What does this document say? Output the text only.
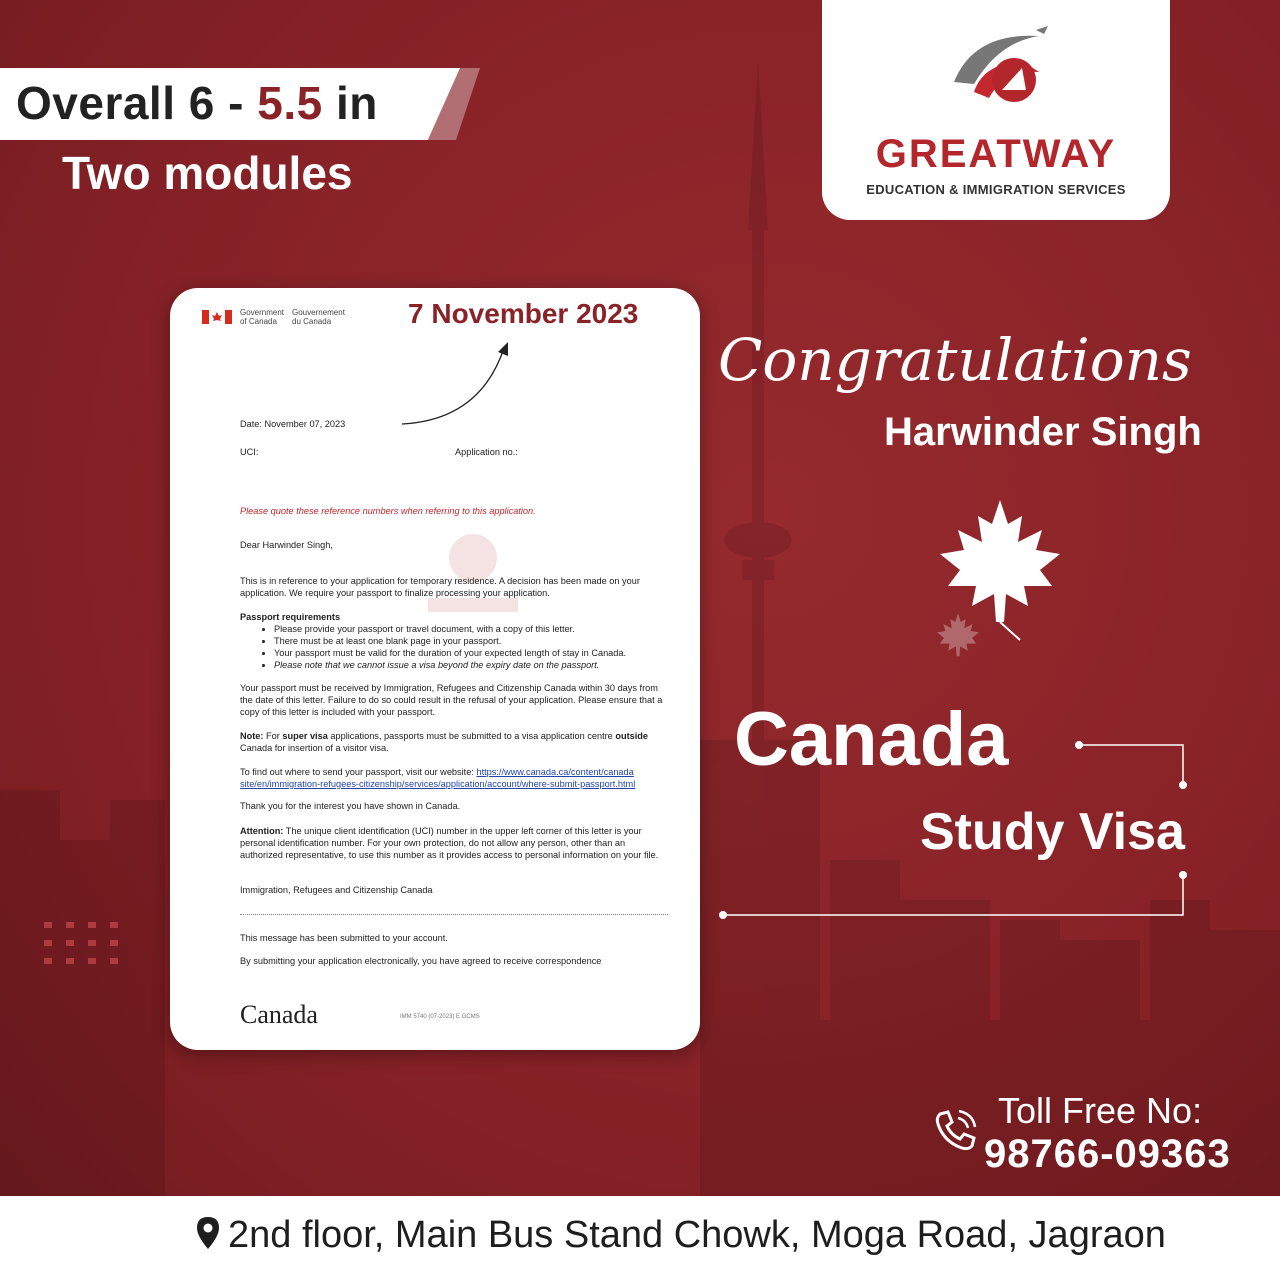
Overall 6 - 5.5 in
Two modules	GREATWAY
EDUCATION & IMMIGRATION SERVICES
Government
of Canada
Gouvernement
du Canada	7 November 2023
Date: November 07, 2023
UCI:	Application no.:
Please quote these reference numbers when referring to this application.
Dear Harwinder Singh,
This is in reference to your application for temporary residence. A decision has been made on your application. We require your passport to finalize processing your application.
Passport requirements
• Please provide your passport or travel document, with a copy of this letter.
• There must be at least one blank page in your passport.
• Your passport must be valid for the duration of your expected length of stay in Canada.
• Please note that we cannot issue a visa beyond the expiry date on the passport.
Your passport must be received by Immigration, Refugees and Citizenship Canada within 30 days from the date of this letter. Failure to do so could result in the refusal of your application. Please ensure that a copy of this letter is included with your passport.
Note: For super visa applications, passports must be submitted to a visa application centre outside Canada for insertion of a visitor visa.
To find out where to send your passport, visit our website: https://www.canada.ca/content/canada site/en/immigration-refugees-citizenship/services/application/account/where-submit-passport.html
Thank you for the interest you have shown in Canada.
Attention: The unique client identification (UCI) number in the upper left corner of this letter is your personal identification number. For your own protection, do not allow any person, other than an authorized representative, to use this number as it provides access to personal information on your file.
Immigration, Refugees and Citizenship Canada
This message has been submitted to your account.
By submitting your application electronically, you have agreed to receive correspondence
Canada	IMM 5740 (07-2023) E GCMS
Congratulations
Harwinder Singh
Canada
Study Visa
Toll Free No:
98766-09363
2nd floor, Main Bus Stand Chowk, Moga Road, Jagraon
